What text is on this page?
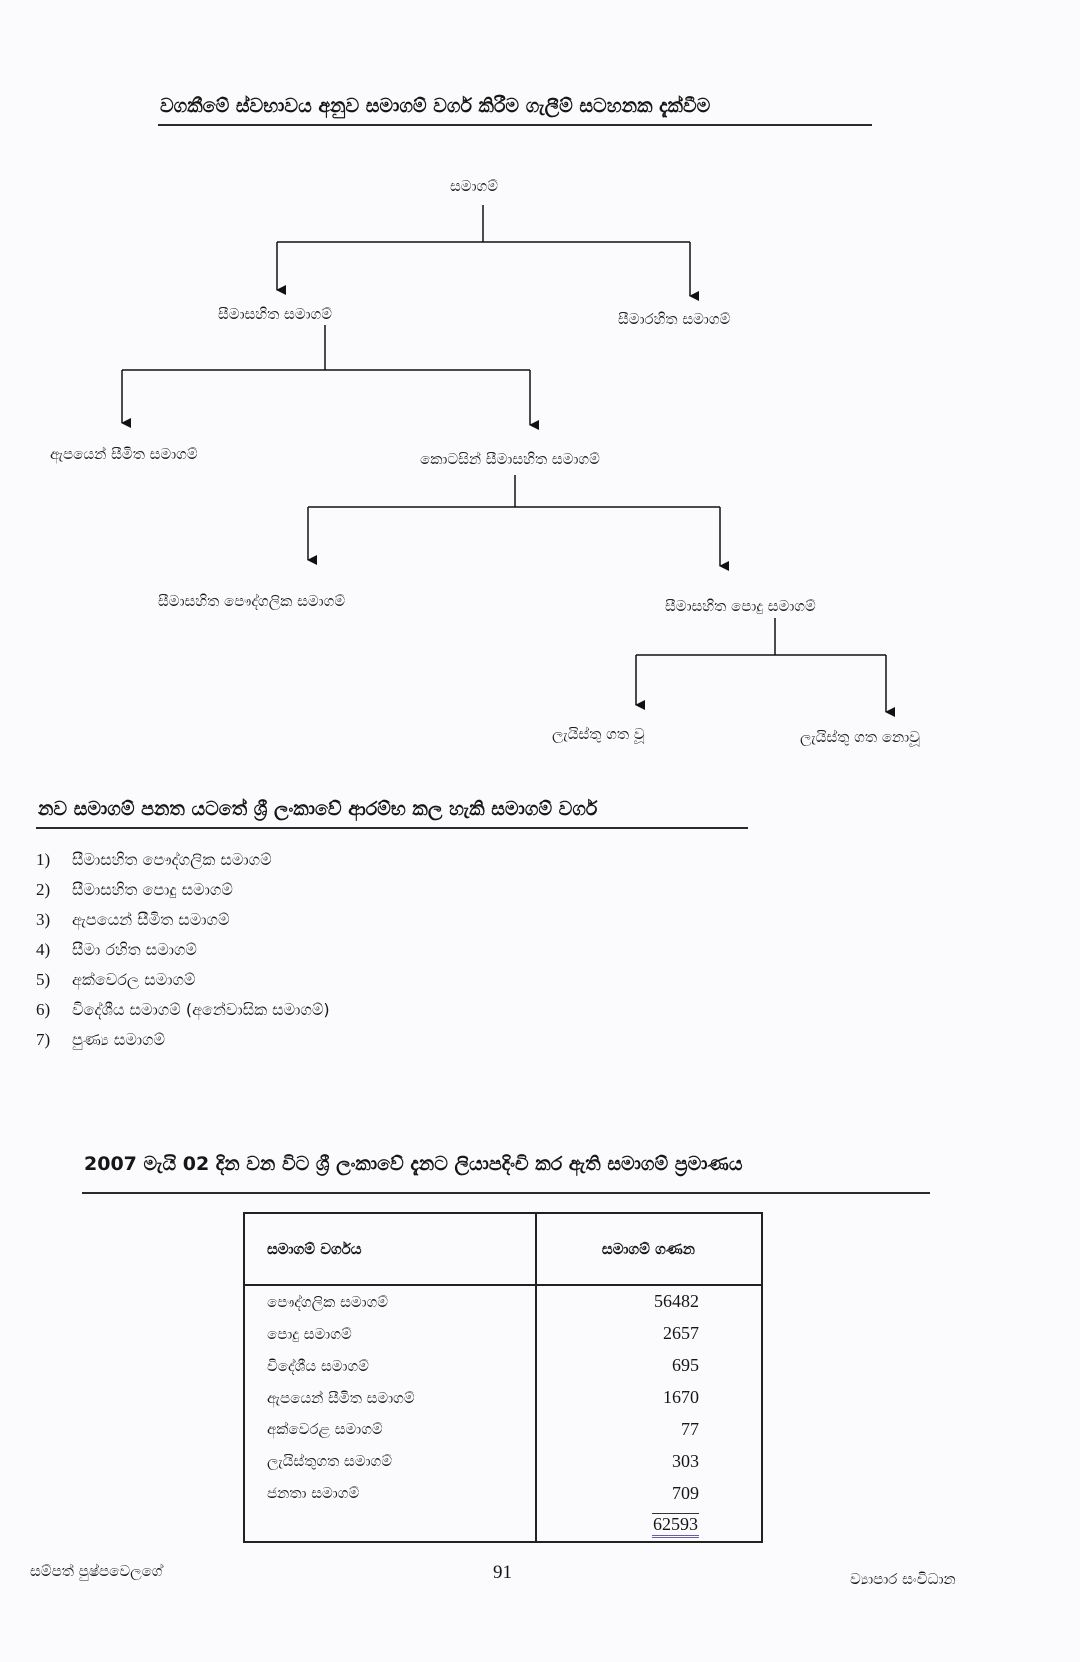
වගකීමේ ස්වභාවය අනුව සමාගම් වර්ග කිරීම ගැලීම් සටහනක දැක්වීම
සමාගම්
සීමාසහිත සමාගම්	සීමාරහිත සමාගම්
ඇපයෙන් සීමිත සමාගම්	කොටසින් සීමාසහිත සමාගම්
සීමාසහිත පෞද්ගලික සමාගම්	සීමාසහිත පොදු සමාගම්
ලැයිස්තු ගත වූ	ලැයිස්තු ගත නොවූ
නව සමාගම් පනත යටතේ ශ්‍රී ලංකාවේ ආරම්භ කල හැකි සමාගම් වර්ග
1)	සීමාසහිත පෞද්ගලික සමාගම්
2)	සීමාසහිත පොදු සමාගම්
3)	ඇපයෙන් සීමිත සමාගම්
4)	සීමා රහිත සමාගම්
5)	අක්වෙරල සමාගම්
6)	විදේශීය සමාගම් (අනේවාසික සමාගම්)
7)	පුණ්‍ය සමාගම්
2007 මැයි 02 දින වන විට ශ්‍රී ලංකාවේ දැනට ලියාපදිංචි කර ඇති සමාගම් ප්‍රමාණය
සමාගම් වර්ගය	සමාගම් ගණන
පෞද්ගලික සමාගම්	56482
පොදු සමාගම්	2657
විදේශීය සමාගම්	695
ඇපයෙන් සීමිත සමාගම්	1670
අක්වෙරළ සමාගම්	77
ලැයිස්තුගත සමාගම්	303
ජනතා සමාගම්	709
	62593
සම්පත් පුෂ්පවෙලගේ	91	ව්‍යාපාර සංවිධාන
